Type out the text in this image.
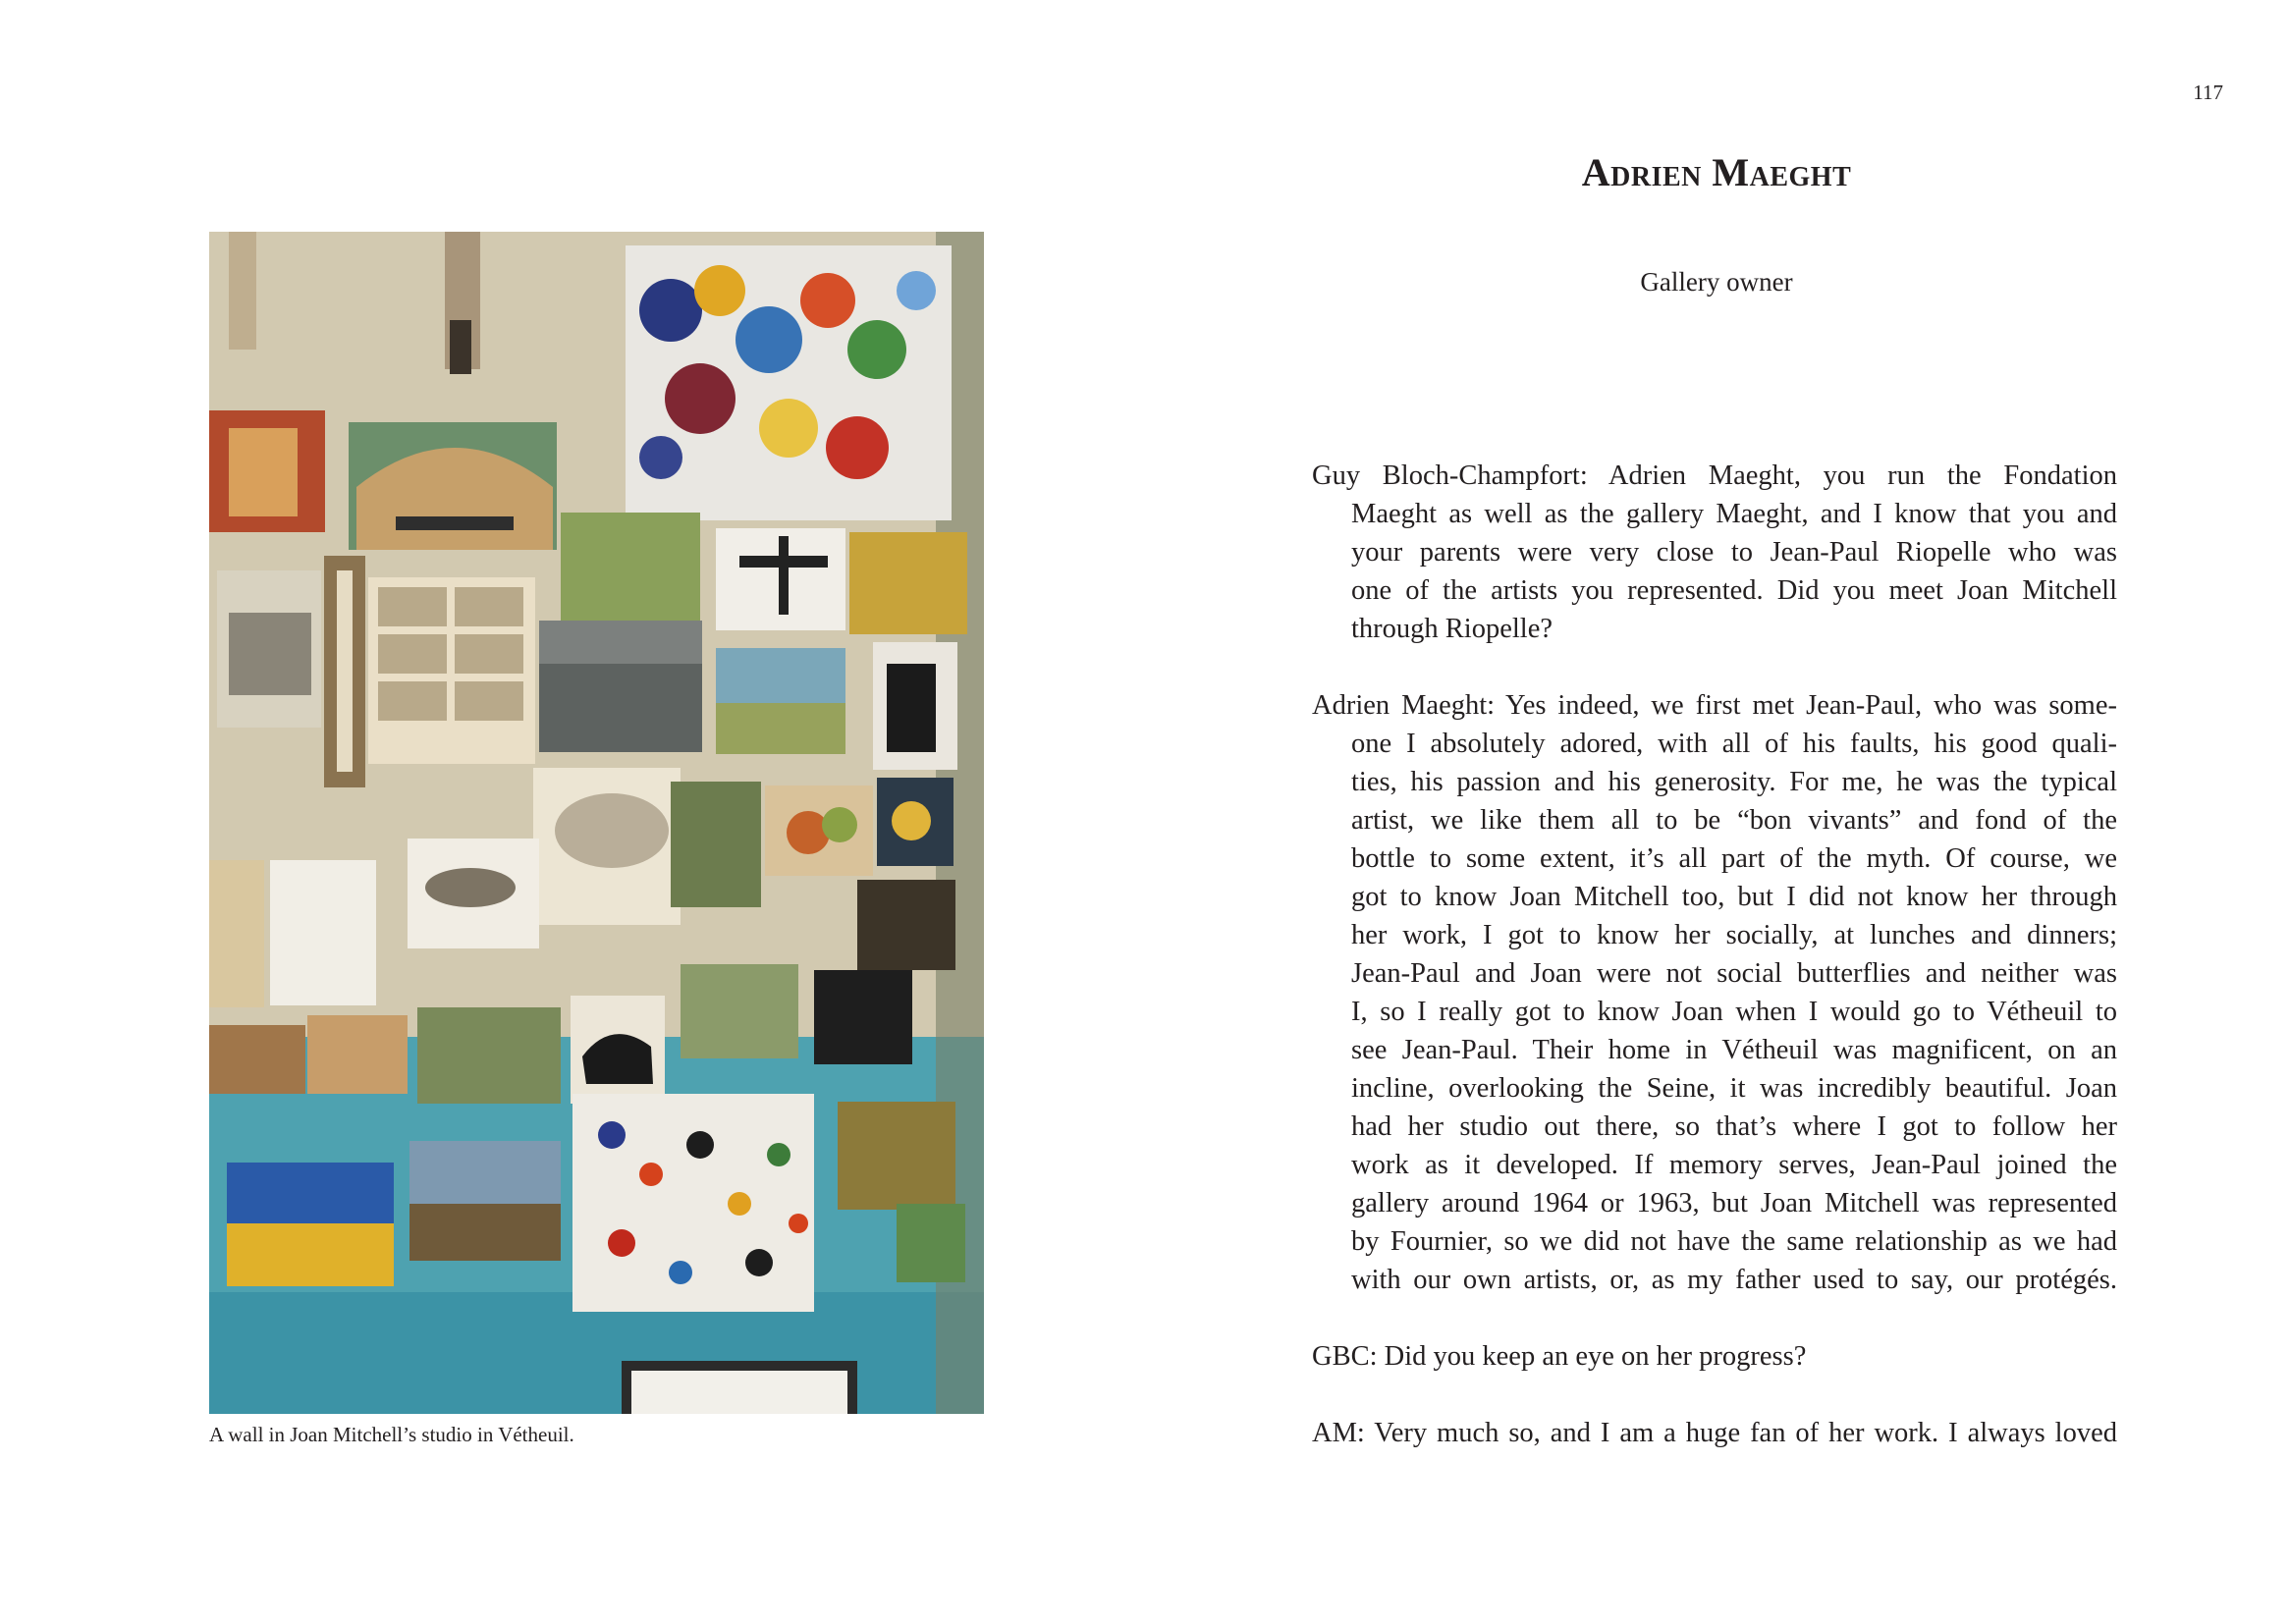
117
A wall in Joan Mitchell’s studio in Vétheuil.
Adrien Maeght
Gallery owner
Guy Bloch-Champfort: Adrien Maeght, you run the Fondation
Maeght as well as the gallery Maeght, and I know that you and
your parents were very close to Jean-Paul Riopelle who was
one of the artists you represented. Did you meet Joan Mitchell
through Riopelle?
Adrien Maeght: Yes indeed, we first met Jean-Paul, who was some-
one I absolutely adored, with all of his faults, his good quali-
ties, his passion and his generosity. For me, he was the typical
artist, we like them all to be “bon vivants” and fond of the
bottle to some extent, it’s all part of the myth. Of course, we
got to know Joan Mitchell too, but I did not know her through
her work, I got to know her socially, at lunches and dinners;
Jean-Paul and Joan were not social butterflies and neither was
I, so I really got to know Joan when I would go to Vétheuil to
see Jean-Paul. Their home in Vétheuil was magnificent, on an
incline, overlooking the Seine, it was incredibly beautiful. Joan
had her studio out there, so that’s where I got to follow her
work as it developed. If memory serves, Jean-Paul joined the
gallery around 1964 or 1963, but Joan Mitchell was represented
by Fournier, so we did not have the same relationship as we had
with our own artists, or, as my father used to say, our protégés.
GBC: Did you keep an eye on her progress?
AM: Very much so, and I am a huge fan of her work. I always loved
